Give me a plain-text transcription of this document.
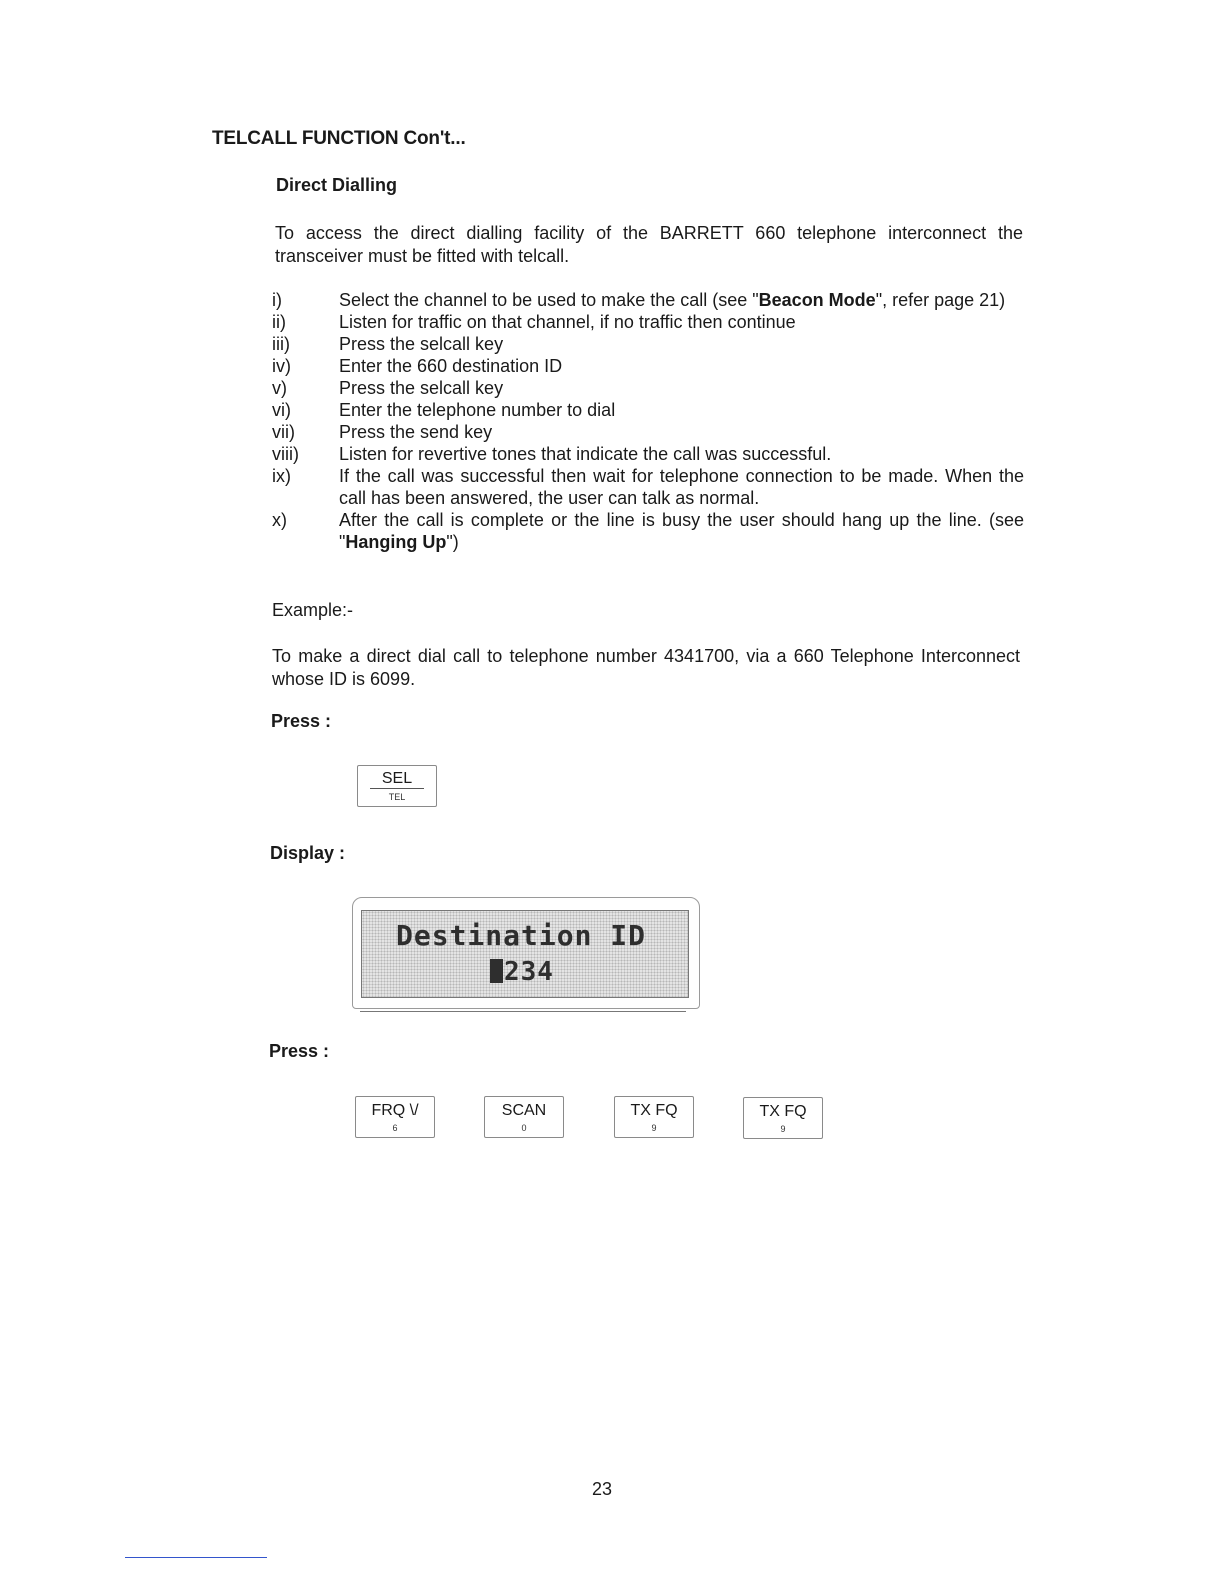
TELCALL FUNCTION Con't...
Direct Dialling
To access the direct dialling facility of the BARRETT 660 telephone interconnect the transceiver must be fitted with telcall.
i)	Select the channel to be used to make the call (see "Beacon Mode", refer page 21)
ii)	Listen for traffic on that channel, if no traffic then continue
iii)	Press the selcall key
iv)	Enter the 660 destination ID
v)	Press the selcall key
vi)	Enter the telephone number to dial
vii)	Press the send key
viii)	Listen for revertive tones that indicate the call was successful.
ix)	If the call was successful then wait for telephone connection to be made. When the call has been answered, the user can talk as normal.
x)	After the call is complete or the line is busy the user should hang up the line. (see "Hanging Up")
Example:-
To make a direct dial call to telephone number 4341700, via a 660 Telephone Interconnect whose ID is 6099.
Press :
SEL
TEL
Display :
Destination ID
234
Press :
FRQ \/
6
SCAN
0
TX FQ
9
TX FQ
9
23
